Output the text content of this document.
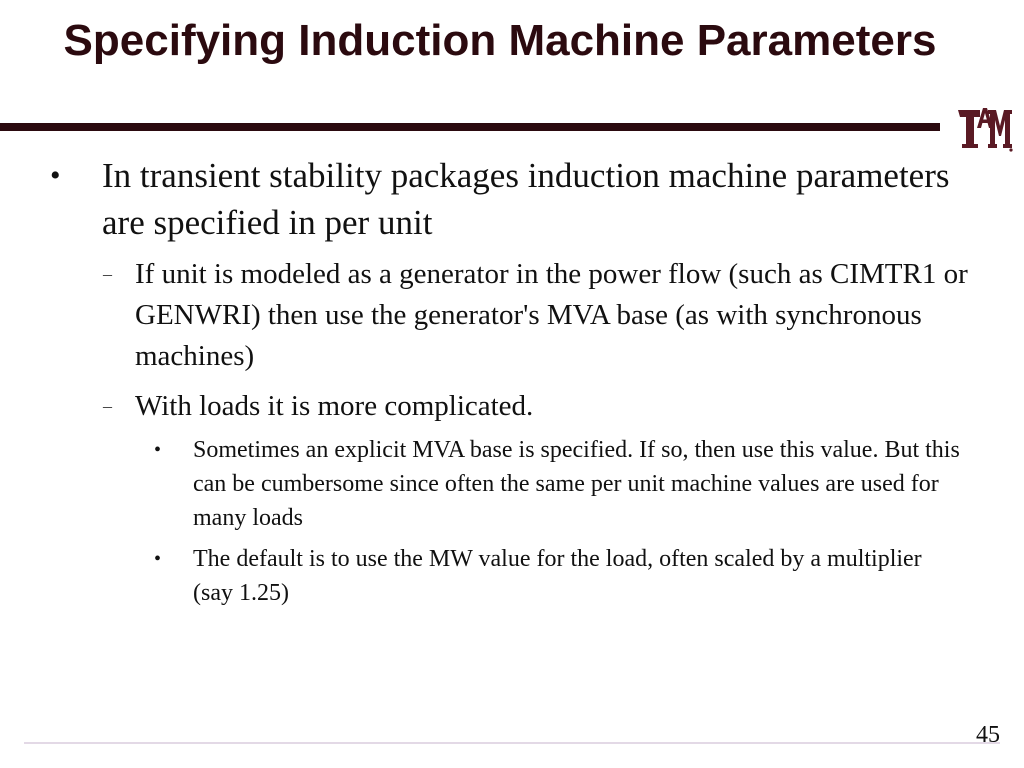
Specifying Induction Machine Parameters
• In transient stability packages induction machine parameters are specified in per unit
– If unit is modeled as a generator in the power flow (such as CIMTR1 or GENWRI) then use the generator's MVA base (as with synchronous machines)
– With loads it is more complicated.
• Sometimes an explicit MVA base is specified. If so, then use this value. But this can be cumbersome since often the same per unit machine values are used for many loads
• The default is to use the MW value for the load, often scaled by a multiplier (say 1.25)
45
